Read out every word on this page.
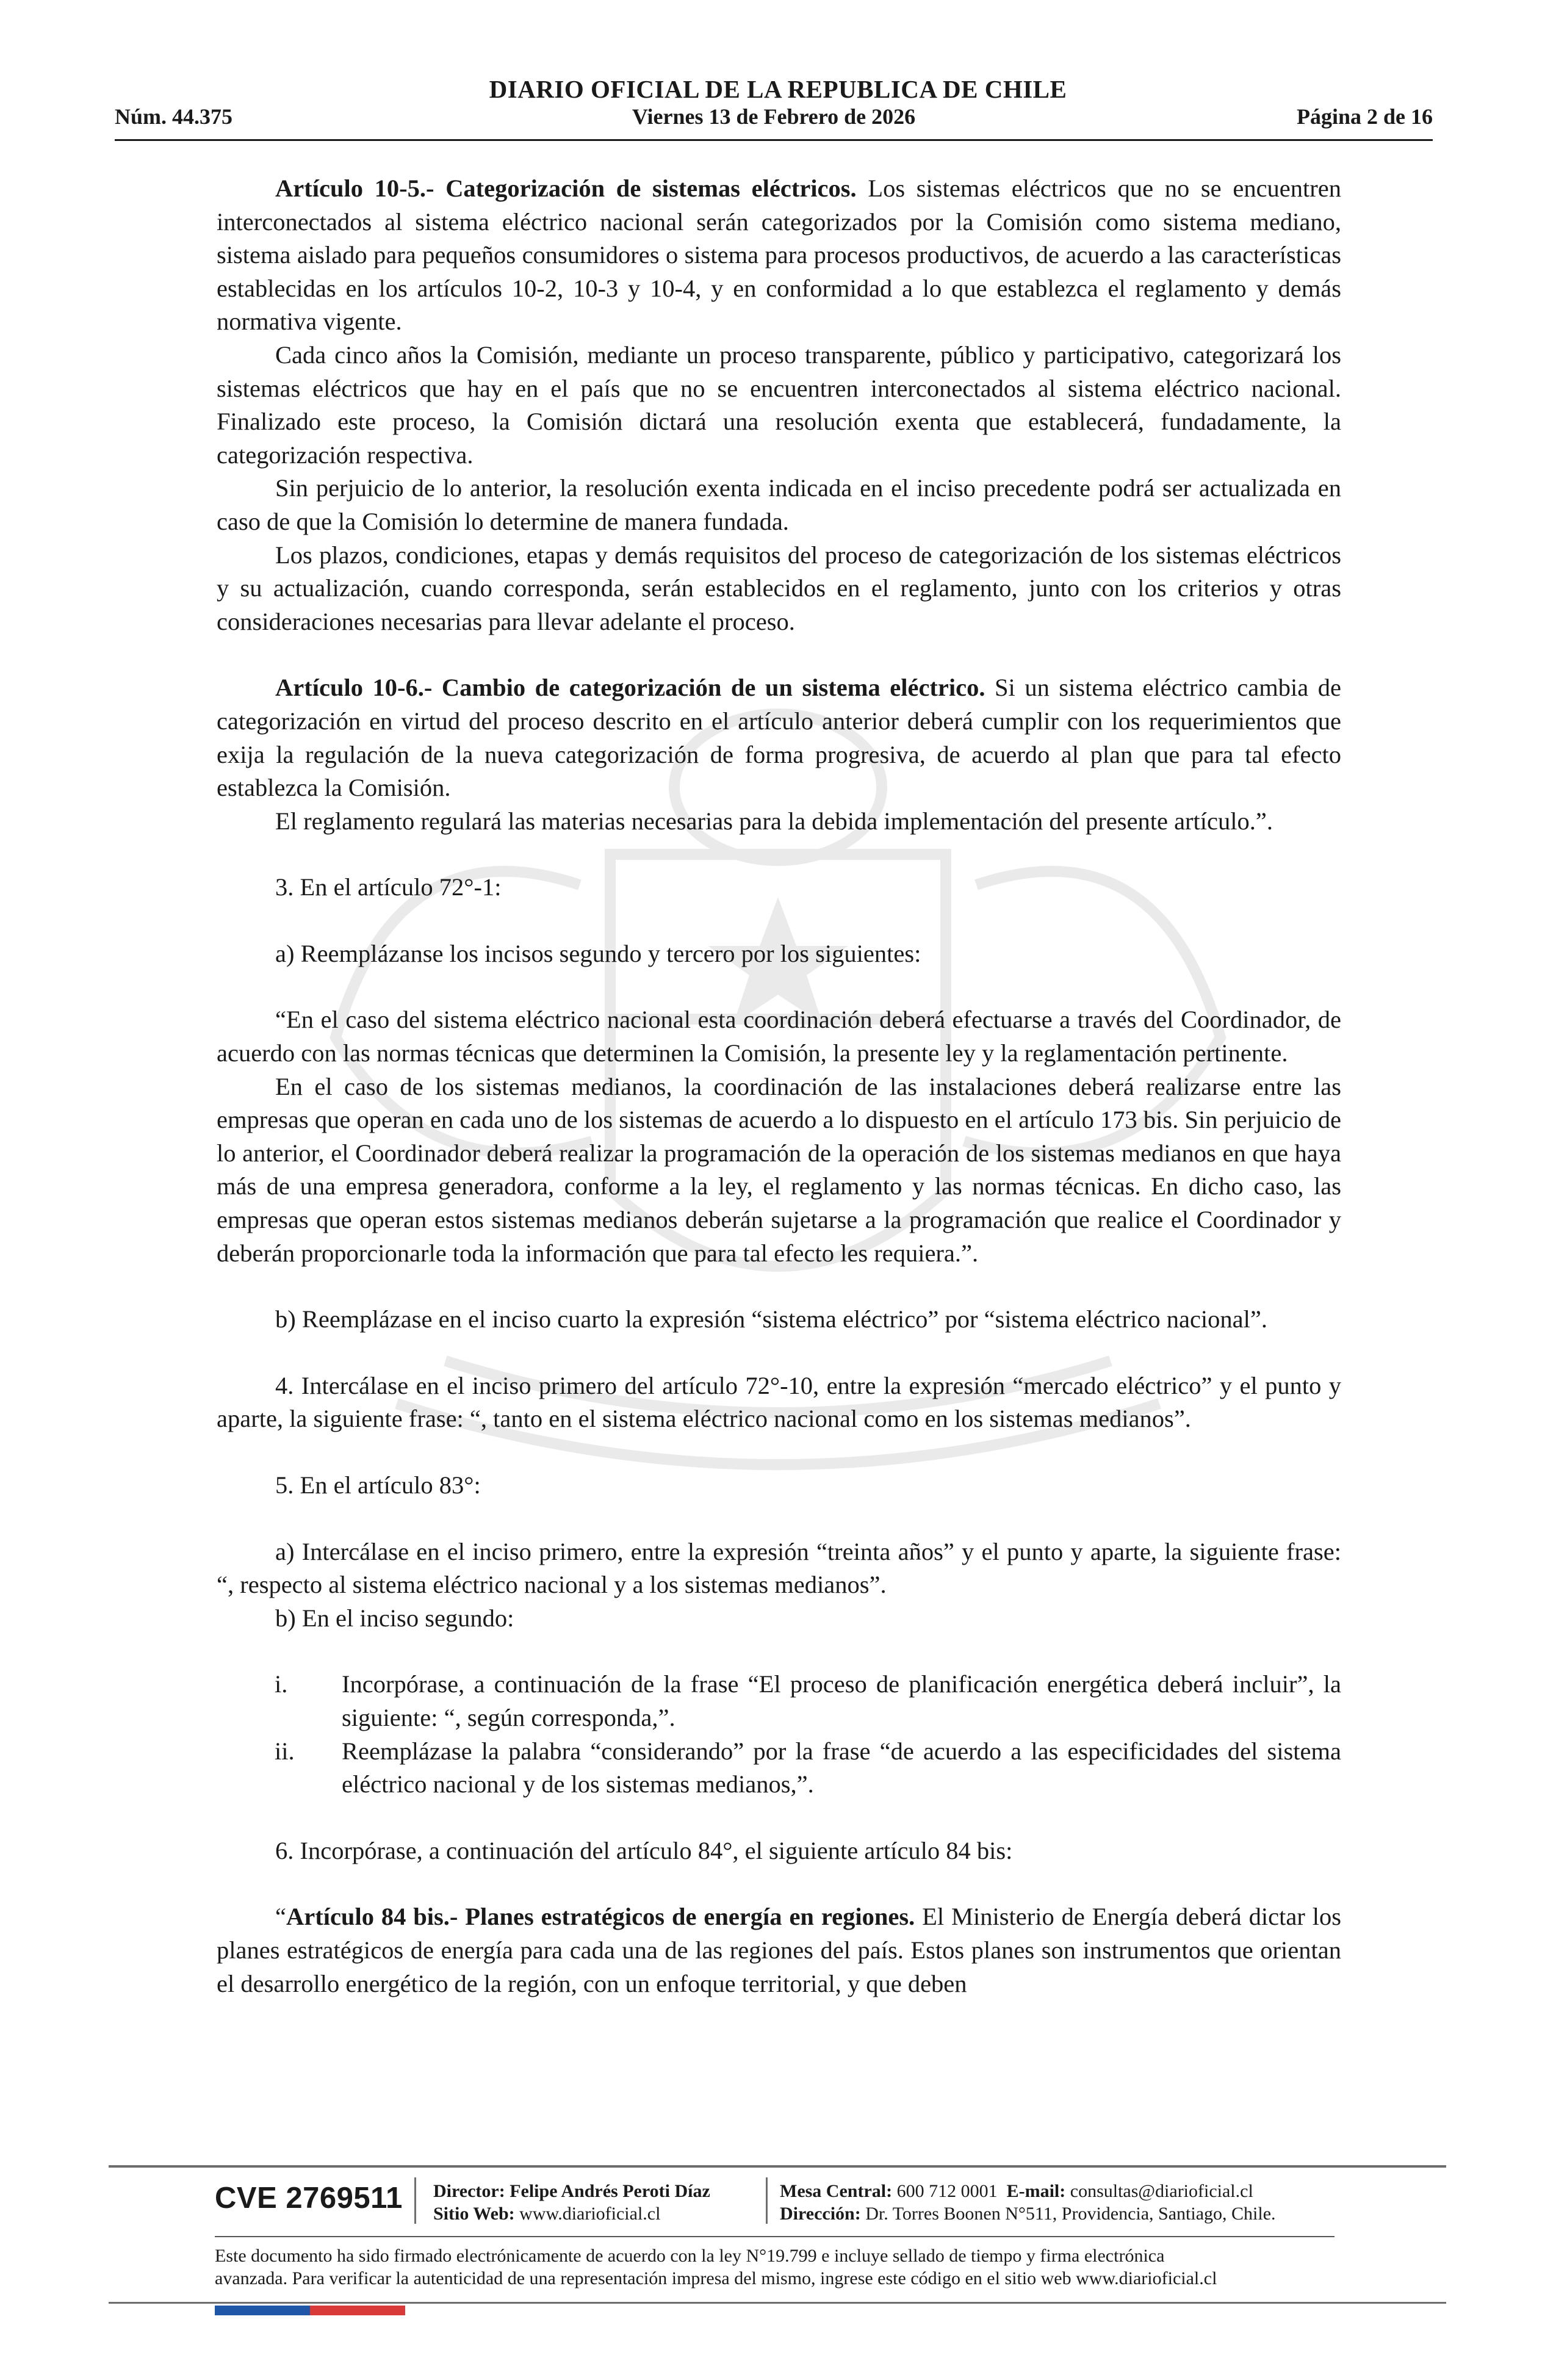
DIARIO OFICIAL DE LA REPUBLICA DE CHILE
Núm. 44.375	Viernes 13 de Febrero de 2026	Página 2 de 16

Artículo 10-5.- Categorización de sistemas eléctricos. Los sistemas eléctricos que no se encuentren interconectados al sistema eléctrico nacional serán categorizados por la Comisión como sistema mediano, sistema aislado para pequeños consumidores o sistema para procesos productivos, de acuerdo a las características establecidas en los artículos 10-2, 10-3 y 10-4, y en conformidad a lo que establezca el reglamento y demás normativa vigente.

Cada cinco años la Comisión, mediante un proceso transparente, público y participativo, categorizará los sistemas eléctricos que hay en el país que no se encuentren interconectados al sistema eléctrico nacional. Finalizado este proceso, la Comisión dictará una resolución exenta que establecerá, fundadamente, la categorización respectiva.

Sin perjuicio de lo anterior, la resolución exenta indicada en el inciso precedente podrá ser actualizada en caso de que la Comisión lo determine de manera fundada.

Los plazos, condiciones, etapas y demás requisitos del proceso de categorización de los sistemas eléctricos y su actualización, cuando corresponda, serán establecidos en el reglamento, junto con los criterios y otras consideraciones necesarias para llevar adelante el proceso.

Artículo 10-6.- Cambio de categorización de un sistema eléctrico. Si un sistema eléctrico cambia de categorización en virtud del proceso descrito en el artículo anterior deberá cumplir con los requerimientos que exija la regulación de la nueva categorización de forma progresiva, de acuerdo al plan que para tal efecto establezca la Comisión.

El reglamento regulará las materias necesarias para la debida implementación del presente artículo.”.

3. En el artículo 72°-1:

a) Reemplázanse los incisos segundo y tercero por los siguientes:

“En el caso del sistema eléctrico nacional esta coordinación deberá efectuarse a través del Coordinador, de acuerdo con las normas técnicas que determinen la Comisión, la presente ley y la reglamentación pertinente.

En el caso de los sistemas medianos, la coordinación de las instalaciones deberá realizarse entre las empresas que operan en cada uno de los sistemas de acuerdo a lo dispuesto en el artículo 173 bis. Sin perjuicio de lo anterior, el Coordinador deberá realizar la programación de la operación de los sistemas medianos en que haya más de una empresa generadora, conforme a la ley, el reglamento y las normas técnicas. En dicho caso, las empresas que operan estos sistemas medianos deberán sujetarse a la programación que realice el Coordinador y deberán proporcionarle toda la información que para tal efecto les requiera.”.

b) Reemplázase en el inciso cuarto la expresión “sistema eléctrico” por “sistema eléctrico nacional”.

4. Intercálase en el inciso primero del artículo 72°-10, entre la expresión “mercado eléctrico” y el punto y aparte, la siguiente frase: “, tanto en el sistema eléctrico nacional como en los sistemas medianos”.

5. En el artículo 83°:

a) Intercálase en el inciso primero, entre la expresión “treinta años” y el punto y aparte, la siguiente frase: “, respecto al sistema eléctrico nacional y a los sistemas medianos”.

b) En el inciso segundo:

i.	Incorpórase, a continuación de la frase “El proceso de planificación energética deberá incluir”, la siguiente: “, según corresponda,”.
ii.	Reemplázase la palabra “considerando” por la frase “de acuerdo a las especificidades del sistema eléctrico nacional y de los sistemas medianos,”.

6. Incorpórase, a continuación del artículo 84°, el siguiente artículo 84 bis:

“Artículo 84 bis.- Planes estratégicos de energía en regiones. El Ministerio de Energía deberá dictar los planes estratégicos de energía para cada una de las regiones del país. Estos planes son instrumentos que orientan el desarrollo energético de la región, con un enfoque territorial, y que deben

CVE 2769511 Director: Felipe Andrés Peroti Díaz
Sitio Web: www.diarioficial.cl
Mesa Central: 600 712 0001 E-mail: consultas@diarioficial.cl
Dirección: Dr. Torres Boonen N°511, Providencia, Santiago, Chile.
Este documento ha sido firmado electrónicamente de acuerdo con la ley N°19.799 e incluye sellado de tiempo y firma electrónica
avanzada. Para verificar la autenticidad de una representación impresa del mismo, ingrese este código en el sitio web www.diarioficial.cl
